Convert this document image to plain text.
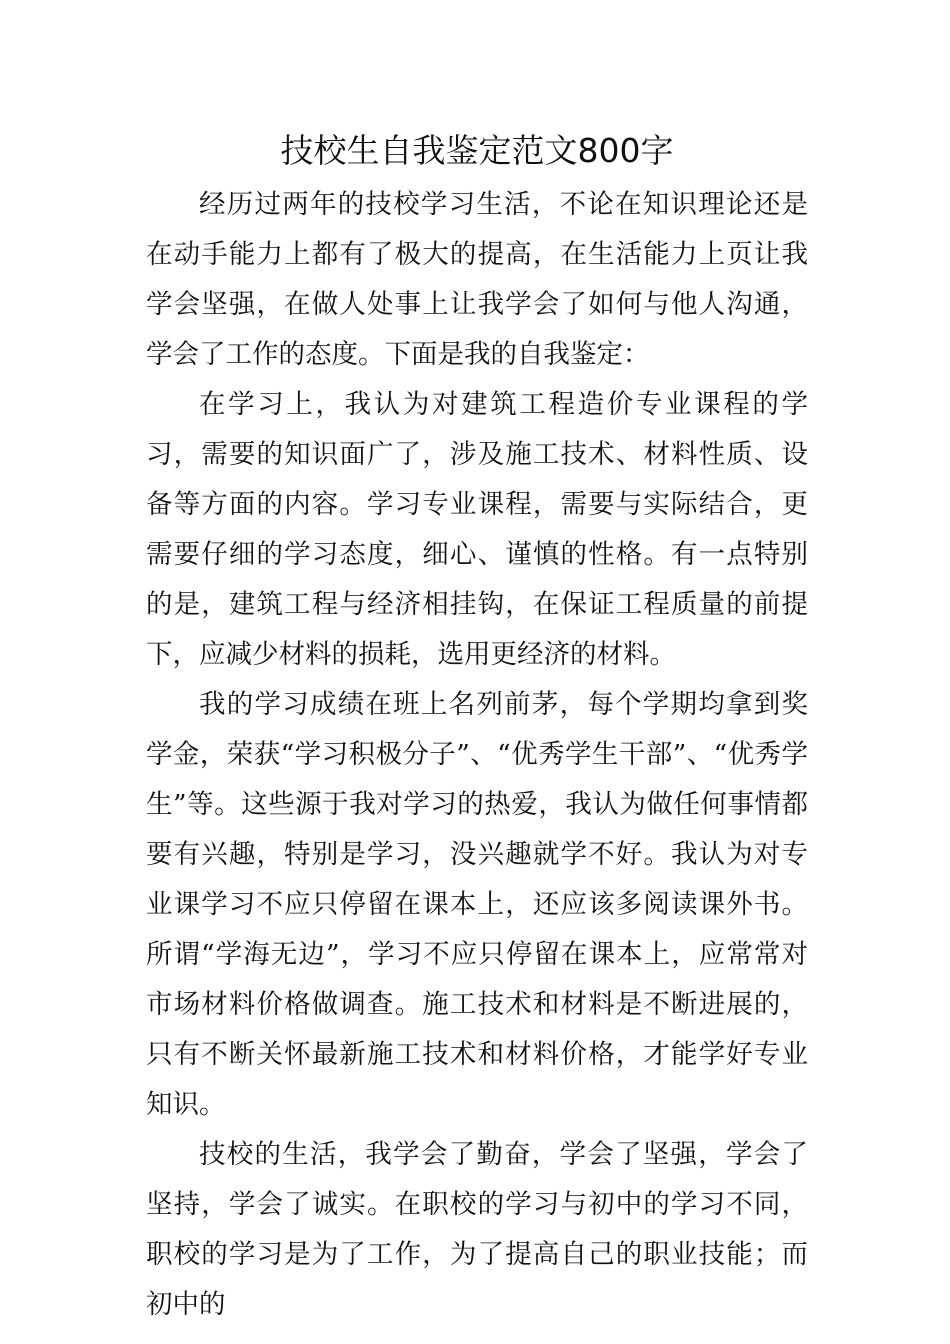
技校生自我鉴定范文800字

经历过两年的技校学习生活，不论在知识理论还是在动手能力上都有了极大的提高，在生活能力上页让我学会坚强，在做人处事上让我学会了如何与他人沟通，学会了工作的态度。下面是我的自我鉴定：

在学习上，我认为对建筑工程造价专业课程的学习，需要的知识面广了，涉及施工技术、材料性质、设备等方面的内容。学习专业课程，需要与实际结合，更需要仔细的学习态度，细心、谨慎的性格。有一点特别的是，建筑工程与经济相挂钩，在保证工程质量的前提下，应减少材料的损耗，选用更经济的材料。

我的学习成绩在班上名列前茅，每个学期均拿到奖学金，荣获“学习积极分子”、“优秀学生干部”、“优秀学生”等。这些源于我对学习的热爱，我认为做任何事情都要有兴趣，特别是学习，没兴趣就学不好。我认为对专业课学习不应只停留在课本上，还应该多阅读课外书。所谓“学海无边”，学习不应只停留在课本上，应常常对市场材料价格做调查。施工技术和材料是不断进展的，只有不断关怀最新施工技术和材料价格，才能学好专业知识。

技校的生活，我学会了勤奋，学会了坚强，学会了坚持，学会了诚实。在职校的学习与初中的学习不同，职校的学习是为了工作，为了提高自己的职业技能；而初中的
